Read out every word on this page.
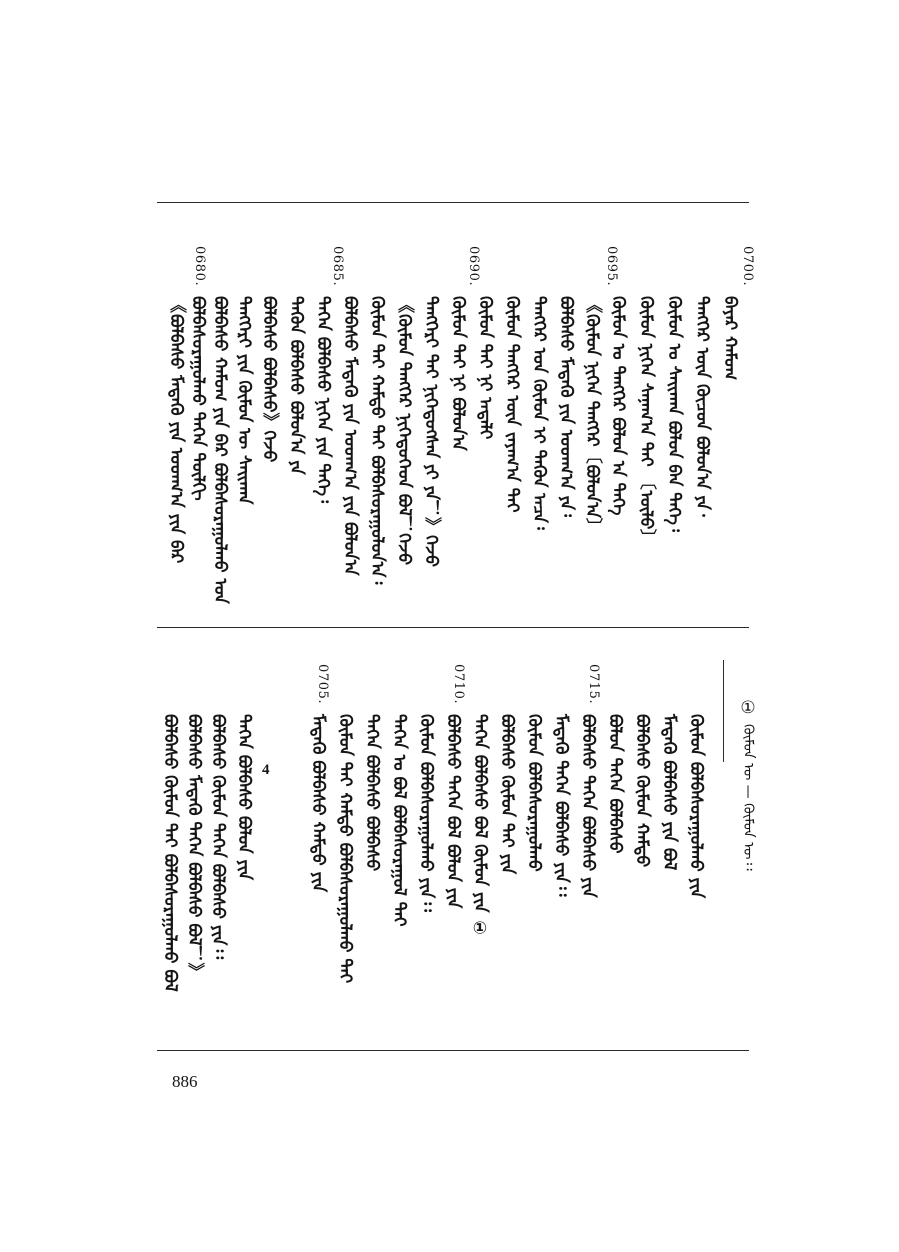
0700.
0695.
0690.
0685.
0680.
ᠪᠠᠶᠠᠷ ᠬᠠᠮᠤᠭ
ᠲᠡᠩᠭᠡᠷ ᠦᠨ ᠬᠦᠴᠦᠨ ᠪᠤᠯᠤᠨ᠎ᠠ ᠶᠠ᠂
ᠬᠦᠮᠦᠨ ᠤ ᠰᠠᠢᠬᠠᠨ ᠪᠣᠯᠤᠨ ᠪᠠᠨ ᠲᠡᠭᠡ᠄
ᠬᠦᠮᠦᠨ ᠨᠢᠭᠡᠨ ᠰᠠᠨᠠᠭ᠎ᠠ ᠲᠠᠢ 〔ᠦᠯᠦ〕
ᠬᠦᠮᠦᠨ ᠤ ᠲᠡᠩᠭᠡᠷ ᠪᠣᠯᠣᠨ ᠠ ᠲᠡᠭᠡ
《ᠬᠦᠮᠦᠨ ᠨᠢᠭᠡᠨ ᠲᠡᠩᠭᠡᠷ〔ᠪᠣᠯᠣᠨ᠎ᠠ〕
ᠪᠣᠯᠪᠠᠰᠤ ᠮᠡᠳᠡᠬᠦ ᠶᠢᠨ ᠤᠳᠬ᠎ᠠ ᠶᠠ᠄
ᠲᠡᠩᠭᠡᠷ ᠤᠨ ᠬᠦᠮᠦᠨ ᠢ ᠲᠡᠭᠦᠨ ᠠᠴᠠ᠄
ᠬᠦᠮᠦᠨ ᠲᠡᠩᠭᠡᠷ ᠦᠨ ᠵᠠᠶᠠᠭ᠎ᠠ ᠲᠠᠢ
ᠬᠦᠮᠦᠨ ᠲᠡᠢ ᠨᠢ ᠠᠳᠠᠯᠢ
ᠬᠦᠮᠦᠨ ᠲᠡᠢ ᠨᠢ ᠪᠣᠯᠣᠨ᠎ᠠ
ᠲᠡᠩᠭᠡᠷᠢ ᠲᠡᠢ ᠨᠢᠭᠡᠳᠦᠭᠰᠡᠨ ᠶᠢ ᠶᠠ！》ᠭᠡᠵᠦ
《ᠬᠦᠮᠦᠨ ᠲᠡᠩᠭᠡᠷ ᠨᠢᠭᠡᠳᠦᠭᠡᠳ ᠪᠣᠯ！ᠭᠡᠵᠦ
ᠬᠦᠮᠦᠨ ᠲᠡᠢ ᠬᠠᠮᠲᠤ ᠲᠡᠢ ᠪᠣᠯᠪᠠᠰᠤᠷᠠᠭᠤᠯᠤᠨ᠎ᠠ᠄
ᠪᠣᠯᠪᠠᠰᠤ ᠮᠡᠳᠡᠬᠦ ᠶᠢᠨ ᠤᠳᠬ᠎ᠠ ᠶᠢᠨ ᠪᠤᠯᠤᠨ᠎ᠠ
ᠲᠡᠭᠡᠨ ᠪᠣᠯᠪᠠᠰᠤ ᠨᠢᠭᠡᠨ ᠶᠢᠨ ᠲᠡᠭᠡ᠄
ᠲᠡᠭᠦᠨ ᠪᠣᠯᠪᠠᠰᠤ ᠪᠣᠯᠣᠨ᠎ᠠ ᠶᠠ
ᠪᠣᠯᠪᠠᠰᠤ ᠪᠣᠯᠪᠠᠰᠤ》ᠭᠡᠵᠦ
ᠲᠡᠩᠭᠡᠷᠢ ᠶᠢᠨ ᠬᠦᠮᠦᠨ ᠦ ᠰᠠᠢᠬᠠᠨ
ᠪᠣᠯᠪᠠᠰᠤ ᠬᠠᠮᠤᠭ ᠶᠢᠨ ᠪᠡᠷ ᠪᠣᠯᠪᠠᠰᠤᠷᠠᠭᠤᠯᠬᠤ ᠤᠨ
ᠪᠣᠯᠪᠠᠰᠤᠷᠠᠭᠤᠯᠬᠤ ᠲᠡᠭᠡᠨ ᠲᠦᠯᠬᠢ
《ᠪᠣᠯᠪᠠᠰᠤ ᠮᠡᠳᠡᠬᠦ ᠶᠢᠨ ᠤᠳᠬ᠎ᠠ ᠶᠢᠨ ᠪᠡᠷ
①
ᠬᠦᠮᠦᠨ ᠦ — ᠬᠦᠮᠦᠨ ᠦ᠄᠄
0715.
0710.
0705.
ᠬᠦᠮᠦᠨ ᠪᠣᠯᠪᠠᠰᠤᠷᠠᠭᠤᠯᠬᠤ ᠶᠢᠨ
ᠮᠡᠳᠡᠬᠦ ᠪᠣᠯᠪᠠᠰᠤ ᠶᠢᠨ ᠪᠣᠯ
ᠪᠣᠯᠪᠠᠰᠤ ᠬᠦᠮᠦᠨ ᠬᠠᠮᠲᠤ
ᠪᠣᠯᠤᠨ ᠲᠡᠭᠡᠨ ᠪᠣᠯᠪᠠᠰᠤ
ᠪᠣᠯᠪᠠᠰᠤ ᠲᠡᠭᠡᠨ ᠪᠣᠯᠪᠠᠰᠤ ᠶᠢᠨ
ᠮᠡᠳᠡᠬᠦ ᠲᠡᠭᠡᠨ ᠪᠣᠯᠪᠠᠰᠤ ᠶᠢᠨ᠄᠄
ᠬᠦᠮᠦᠨ ᠪᠣᠯᠪᠠᠰᠤᠷᠠᠭᠤᠯᠬᠤ
ᠪᠣᠯᠪᠠᠰᠤ ᠬᠦᠮᠦᠨ ᠲᠡᠢ ᠶᠢᠨ
ᠲᠡᠭᠡᠨ ᠪᠣᠯᠪᠠᠰᠤ ᠪᠣᠯ ᠬᠦᠮᠦᠨ ᠶᠢᠨ ①
ᠪᠣᠯᠪᠠᠰᠤ ᠲᠡᠭᠡᠨ ᠪᠣᠯ ᠪᠣᠯᠤᠨ ᠶᠢᠨ
ᠬᠦᠮᠦᠨ ᠪᠣᠯᠪᠠᠰᠤᠷᠠᠭᠤᠯᠬᠤ ᠶᠢᠨ᠄᠄
ᠲᠡᠭᠡᠨ ᠤ ᠪᠣᠯ ᠪᠣᠯᠪᠠᠰᠤᠷᠠᠭᠤᠯ ᠲᠡᠢ
ᠲᠡᠭᠡᠨ ᠪᠣᠯᠪᠠᠰᠤ ᠪᠣᠯᠪᠠᠰᠤ
ᠬᠦᠮᠦᠨ ᠲᠡᠢ ᠬᠠᠮᠲᠤ ᠪᠣᠯᠪᠠᠰᠤᠷᠠᠭᠤᠯᠬᠤ ᠲᠡᠢ
ᠮᠡᠳᠡᠬᠦ ᠪᠣᠯᠪᠠᠰᠤ ᠬᠠᠮᠲᠤ ᠶᠢᠨ
ᠲᠡᠭᠡᠨ ᠪᠣᠯᠪᠠᠰᠤ ᠪᠣᠯᠤᠨ ᠶᠢᠨ
ᠪᠣᠯᠪᠠᠰᠤ ᠬᠦᠮᠦᠨ ᠲᠡᠭᠡᠨ ᠪᠣᠯᠪᠠᠰᠤ ᠶᠢᠨ᠄᠄
ᠪᠣᠯᠪᠠᠰᠤ ᠮᠡᠳᠡᠬᠦ ᠲᠡᠭᠡᠨ ᠪᠣᠯᠪᠠᠰᠤ ᠪᠣᠯ！》
ᠪᠣᠯᠪᠠᠰᠤ ᠬᠦᠮᠦᠨ ᠲᠡᠢ ᠪᠣᠯᠪᠠᠰᠤᠷᠠᠭᠤᠯᠬᠤ ᠪᠣᠯ	4
886
